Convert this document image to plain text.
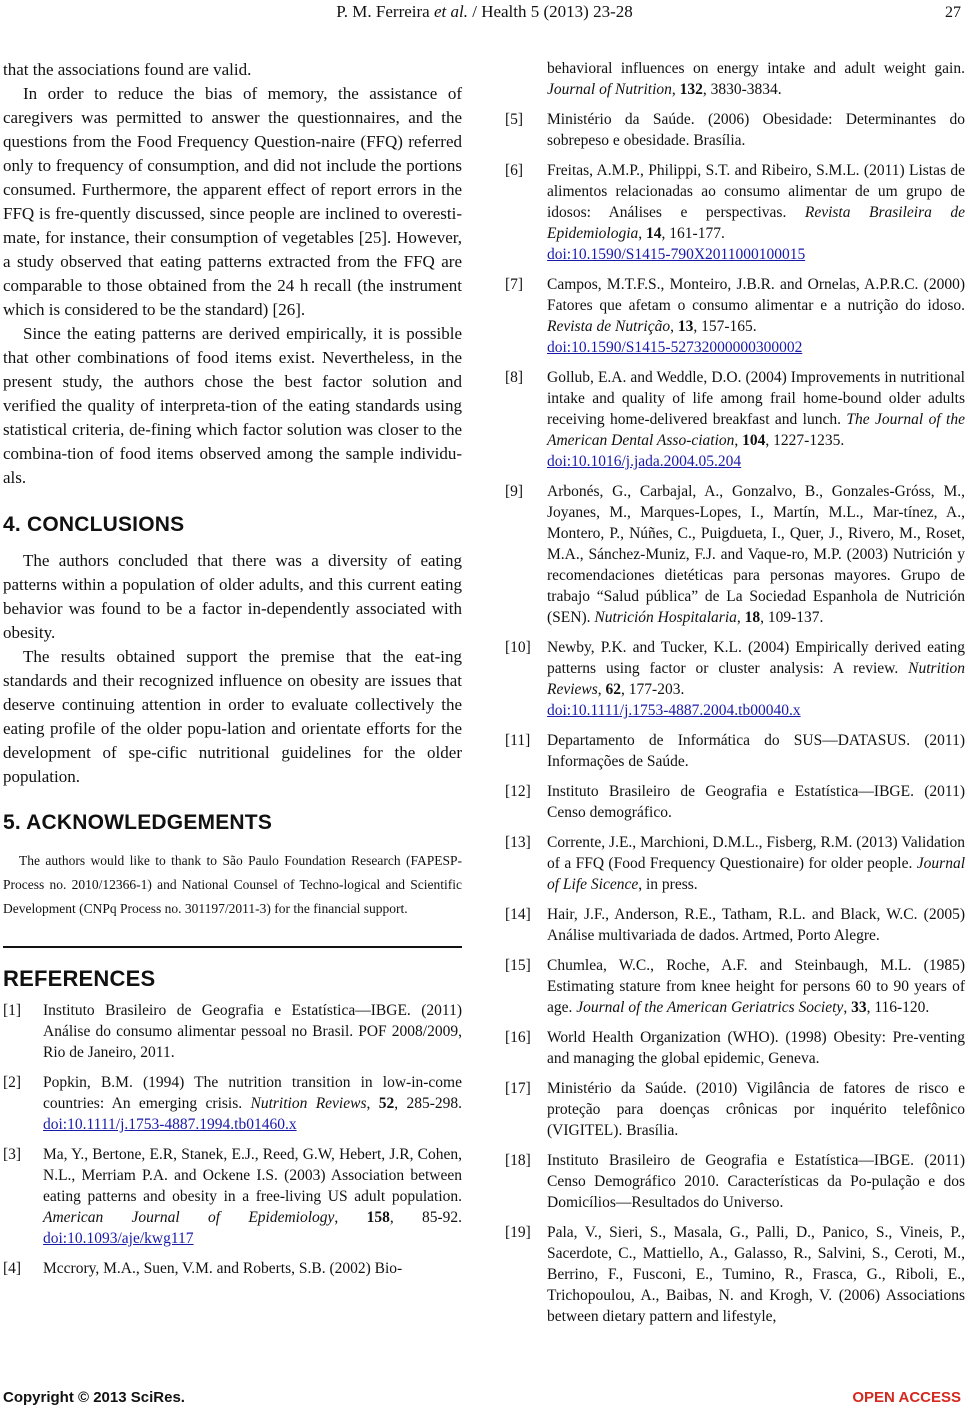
P. M. Ferreira et al. / Health 5 (2013) 23-28	27

that the associations found are valid.

In order to reduce the bias of memory, the assistance of caregivers was permitted to answer the questionnaires, and the questions from the Food Frequency Question-naire (FFQ) referred only to frequency of consumption, and did not include the portions consumed. Furthermore, the apparent effect of report errors in the FFQ is fre-quently discussed, since people are inclined to overesti-mate, for instance, their consumption of vegetables [25]. However, a study observed that eating patterns extracted from the FFQ are comparable to those obtained from the 24 h recall (the instrument which is considered to be the standard) [26].

Since the eating patterns are derived empirically, it is possible that other combinations of food items exist. Nevertheless, in the present study, the authors chose the best factor solution and verified the quality of interpreta-tion of the eating standards using statistical criteria, de-fining which factor solution was closer to the combina-tion of food items observed among the sample individu-als.

4. CONCLUSIONS

The authors concluded that there was a diversity of eating patterns within a population of older adults, and this current eating behavior was found to be a factor in-dependently associated with obesity.

The results obtained support the premise that the eat-ing standards and their recognized influence on obesity are issues that deserve continuing attention in order to evaluate collectively the eating profile of the older popu-lation and orientate efforts for the development of spe-cific nutritional guidelines for the older population.

5. ACKNOWLEDGEMENTS

The authors would like to thank to São Paulo Foundation Research (FAPESP-Process no. 2010/12366-1) and National Counsel of Techno-logical and Scientific Development (CNPq Process no. 301197/2011-3) for the financial support.

REFERENCES
[1] Instituto Brasileiro de Geografia e Estatística—IBGE. (2011) Análise do consumo alimentar pessoal no Brasil. POF 2008/2009, Rio de Janeiro, 2011.
[2] Popkin, B.M. (1994) The nutrition transition in low-in-come countries: An emerging crisis. Nutrition Reviews, 52, 285-298. doi:10.1111/j.1753-4887.1994.tb01460.x
[3] Ma, Y., Bertone, E.R, Stanek, E.J., Reed, G.W, Hebert, J.R, Cohen, N.L., Merriam P.A. and Ockene I.S. (2003) Association between eating patterns and obesity in a free-living US adult population. American Journal of Epidemiology, 158, 85-92. doi:10.1093/aje/kwg117
[4] Mccrory, M.A., Suen, V.M. and Roberts, S.B. (2002) Bio-
behavioral influences on energy intake and adult weight gain. Journal of Nutrition, 132, 3830-3834.
[5] Ministério da Saúde. (2006) Obesidade: Determinantes do sobrepeso e obesidade. Brasília.
[6] Freitas, A.M.P., Philippi, S.T. and Ribeiro, S.M.L. (2011) Listas de alimentos relacionadas ao consumo alimentar de um grupo de idosos: Análises e perspectivas. Revista Brasileira de Epidemiologia, 14, 161-177.
doi:10.1590/S1415-790X2011000100015
[7] Campos, M.T.F.S., Monteiro, J.B.R. and Ornelas, A.P.R.C. (2000) Fatores que afetam o consumo alimentar e a nutrição do idoso. Revista de Nutrição, 13, 157-165.
doi:10.1590/S1415-52732000000300002
[8] Gollub, E.A. and Weddle, D.O. (2004) Improvements in nutritional intake and quality of life among frail home-bound older adults receiving home-delivered breakfast and lunch. The Journal of the American Dental Asso-ciation, 104, 1227-1235.
doi:10.1016/j.jada.2004.05.204
[9] Arbonés, G., Carbajal, A., Gonzalvo, B., Gonzales-Gróss, M., Joyanes, M., Marques-Lopes, I., Martín, M.L., Mar-tínez, A., Montero, P., Núñes, C., Puigdueta, I., Quer, J., Rivero, M., Roset, M.A., Sánchez-Muniz, F.J. and Vaque-ro, M.P. (2003) Nutrición y recomendaciones dietéticas para personas mayores. Grupo de trabajo “Salud pública” de La Sociedad Espanhola de Nutrición (SEN). Nutrición Hospitalaria, 18, 109-137.
[10] Newby, P.K. and Tucker, K.L. (2004) Empirically derived eating patterns using factor or cluster analysis: A review. Nutrition Reviews, 62, 177-203.
doi:10.1111/j.1753-4887.2004.tb00040.x
[11] Departamento de Informática do SUS—DATASUS. (2011) Informações de Saúde.
[12] Instituto Brasileiro de Geografia e Estatística—IBGE. (2011) Censo demográfico.
[13] Corrente, J.E., Marchioni, D.M.L., Fisberg, R.M. (2013) Validation of a FFQ (Food Frequency Questionaire) for older people. Journal of Life Sicence, in press.
[14] Hair, J.F., Anderson, R.E., Tatham, R.L. and Black, W.C. (2005) Análise multivariada de dados. Artmed, Porto Alegre.
[15] Chumlea, W.C., Roche, A.F. and Steinbaugh, M.L. (1985) Estimating stature from knee height for persons 60 to 90 years of age. Journal of the American Geriatrics Society, 33, 116-120.
[16] World Health Organization (WHO). (1998) Obesity: Pre-venting and managing the global epidemic, Geneva.
[17] Ministério da Saúde. (2010) Vigilância de fatores de risco e proteção para doenças crônicas por inquérito telefônico (VIGITEL). Brasília.
[18] Instituto Brasileiro de Geografia e Estatística—IBGE. (2011) Censo Demográfico 2010. Características da Po-pulação e dos Domicílios—Resultados do Universo.
[19] Pala, V., Sieri, S., Masala, G., Palli, D., Panico, S., Vineis, P., Sacerdote, C., Mattiello, A., Galasso, R., Salvini, S., Ceroti, M., Berrino, F., Fusconi, E., Tumino, R., Frasca, G., Riboli, E., Trichopoulou, A., Baibas, N. and Krogh, V. (2006) Associations between dietary pattern and lifestyle,
Copyright © 2013 SciRes.	OPEN ACCESS
